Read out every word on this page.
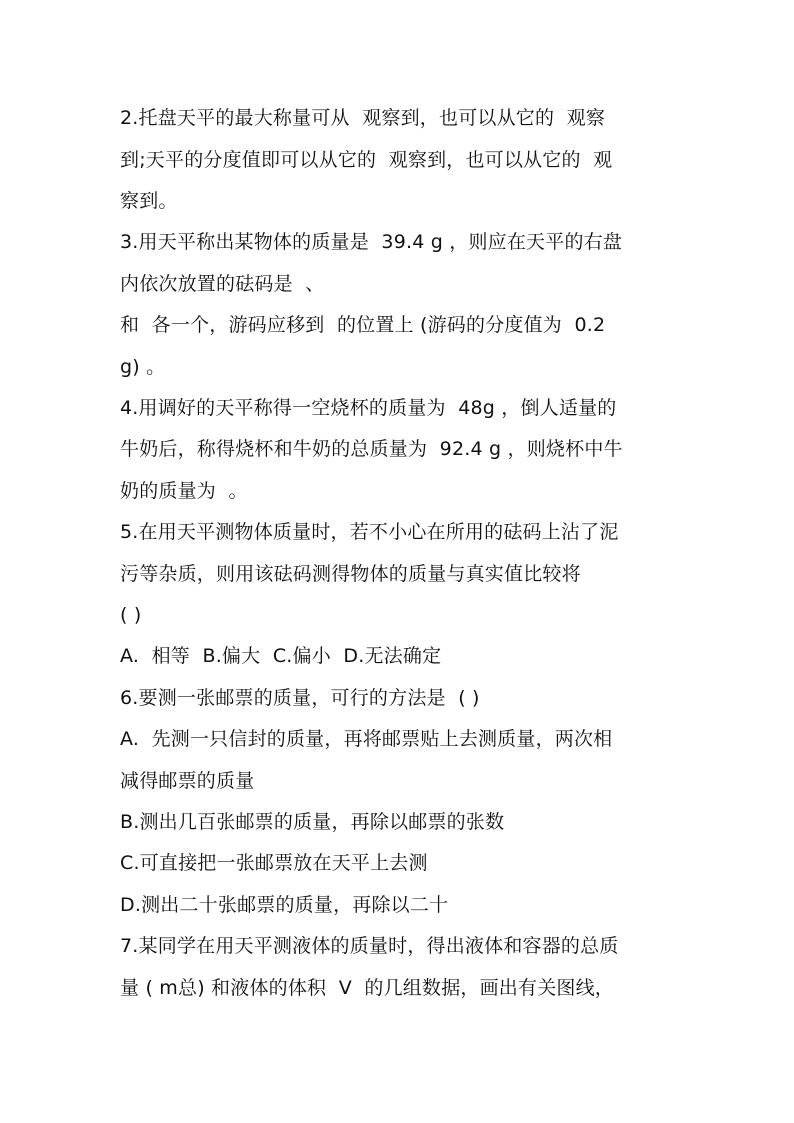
2.托盘天平的最大称量可从  观察到，也可以从它的  观察
到;天平的分度值即可以从它的  观察到，也可以从它的  观
察到。
3.用天平称出某物体的质量是  39.4 g ，则应在天平的右盘
内依次放置的砝码是  、
和  各一个，游码应移到  的位置上 (游码的分度值为  0.2
g) 。
4.用调好的天平称得一空烧杯的质量为  48g ，倒人适量的
牛奶后，称得烧杯和牛奶的总质量为  92.4 g ，则烧杯中牛
奶的质量为  。
5.在用天平测物体质量时，若不小心在所用的砝码上沾了泥
污等杂质，则用该砝码测得物体的质量与真实值比较将
( )
A.  相等  B.偏大  C.偏小  D.无法确定
6.要测一张邮票的质量，可行的方法是  ( )
A.  先测一只信封的质量，再将邮票贴上去测质量，两次相
减得邮票的质量
B.测出几百张邮票的质量，再除以邮票的张数
C.可直接把一张邮票放在天平上去测
D.测出二十张邮票的质量，再除以二十
7.某同学在用天平测液体的质量时，得出液体和容器的总质
量 ( m总) 和液体的体积  V  的几组数据，画出有关图线，
